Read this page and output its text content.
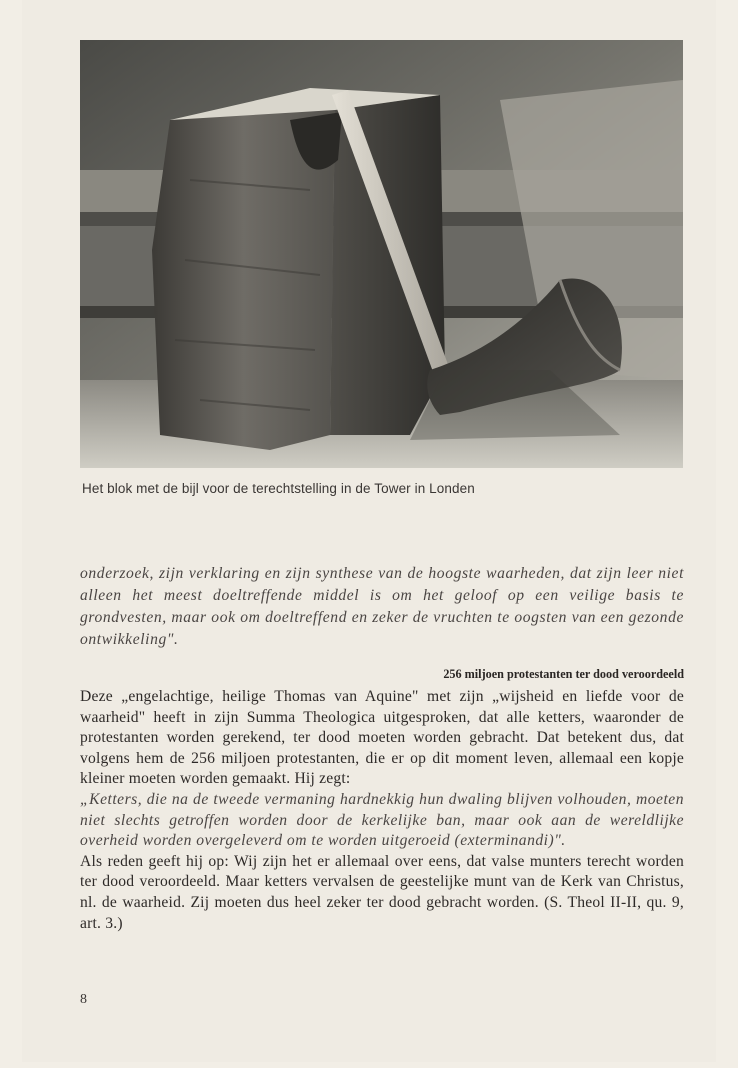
Het blok met de bijl voor de terechtstelling in de Tower in Londen
onderzoek, zijn verklaring en zijn synthese van de hoogste waarheden, dat zijn leer niet alleen het meest doeltreffende middel is om het geloof op een veilige basis te grondvesten, maar ook om doeltreffend en zeker de vruchten te oogsten van een gezonde ontwikkeling".
256 miljoen protestanten ter dood veroordeeld

Deze „engelachtige, heilige Thomas van Aquine" met zijn „wijsheid en liefde voor de waarheid" heeft in zijn Summa Theologica uitgesproken, dat alle ketters, waaronder de protestanten worden gerekend, ter dood moeten worden gebracht. Dat betekent dus, dat volgens hem de 256 miljoen protestanten, die er op dit moment leven, allemaal een kopje kleiner moeten worden gemaakt. Hij zegt:

„Ketters, die na de tweede vermaning hardnekkig hun dwaling blijven volhouden, moeten niet slechts getroffen worden door de kerkelijke ban, maar ook aan de wereldlijke overheid worden overgeleverd om te worden uitgeroeid (exterminandi)".

Als reden geeft hij op: Wij zijn het er allemaal over eens, dat valse munters terecht worden ter dood veroordeeld. Maar ketters vervalsen de geestelijke munt van de Kerk van Christus, nl. de waarheid. Zij moeten dus heel zeker ter dood gebracht worden. (S. Theol II-II, qu. 9, art. 3.)

8
